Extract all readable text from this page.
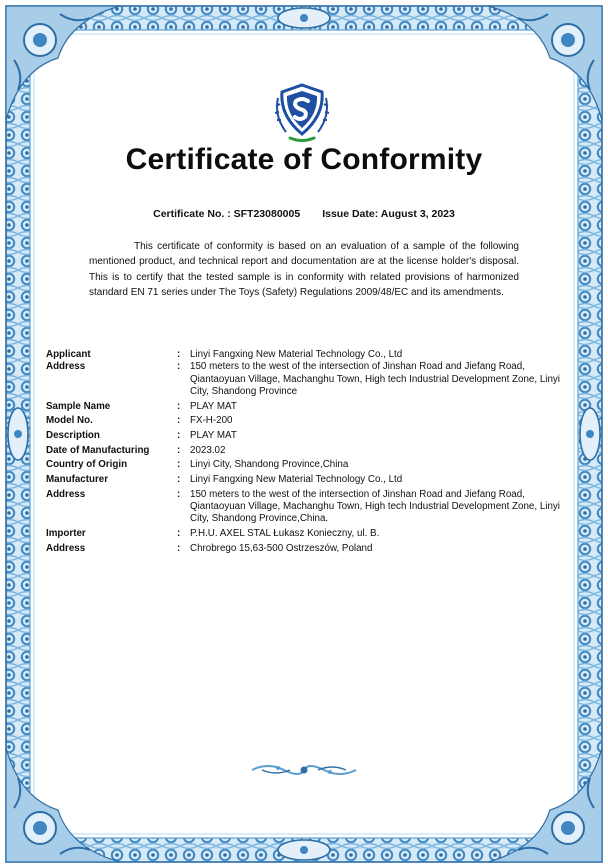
Certificate of Conformity
Certificate No. : SFT23080005 Issue Date: August 3, 2023
This certificate of conformity is based on an evaluation of a sample of the following mentioned product, and technical report and documentation are at the license holder's disposal. This is to certify that the tested sample is in conformity with related provisions of harmonized standard EN 71 series under The Toys (Safety) Regulations 2009/48/EC and its amendments.
Applicant	:	Linyi Fangxing New Material Technology Co., Ltd
Address	:	150 meters to the west of the intersection of Jinshan Road and Jiefang Road, Qiantaoyuan Village, Machanghu Town, High tech Industrial Development Zone, Linyi City, Shandong Province
Sample Name	:	PLAY MAT
Model No.	:	FX-H-200
Description	:	PLAY MAT
Date of Manufacturing	:	2023.02
Country of Origin	:	Linyi City, Shandong Province,China
Manufacturer	:	Linyi Fangxing New Material Technology Co., Ltd
Address	:	150 meters to the west of the intersection of Jinshan Road and Jiefang Road, Qiantaoyuan Village, Machanghu Town, High tech Industrial Development Zone, Linyi City, Shandong Province,China.
Importer	:	P.H.U. AXEL STAL Łukasz Konieczny, ul. B.
Address	:	Chrobrego 15,63-500 Ostrzeszów, Poland
